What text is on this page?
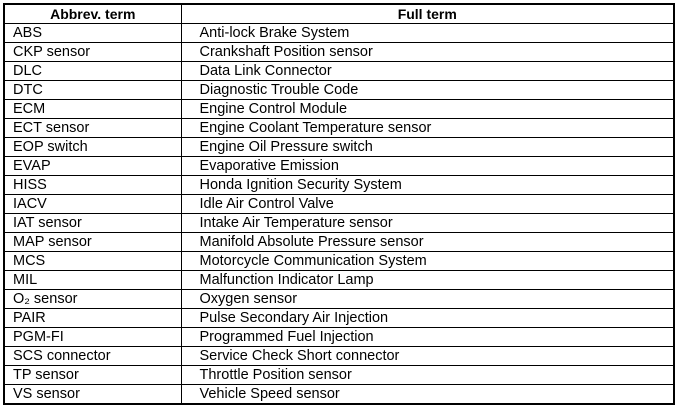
Abbrev. term	Full term
ABS	Anti-lock Brake System
CKP sensor	Crankshaft Position sensor
DLC	Data Link Connector
DTC	Diagnostic Trouble Code
ECM	Engine Control Module
ECT sensor	Engine Coolant Temperature sensor
EOP switch	Engine Oil Pressure switch
EVAP	Evaporative Emission
HISS	Honda Ignition Security System
IACV	Idle Air Control Valve
IAT sensor	Intake Air Temperature sensor
MAP sensor	Manifold Absolute Pressure sensor
MCS	Motorcycle Communication System
MIL	Malfunction Indicator Lamp
O₂ sensor	Oxygen sensor
PAIR	Pulse Secondary Air Injection
PGM-FI	Programmed Fuel Injection
SCS connector	Service Check Short connector
TP sensor	Throttle Position sensor
VS sensor	Vehicle Speed sensor
